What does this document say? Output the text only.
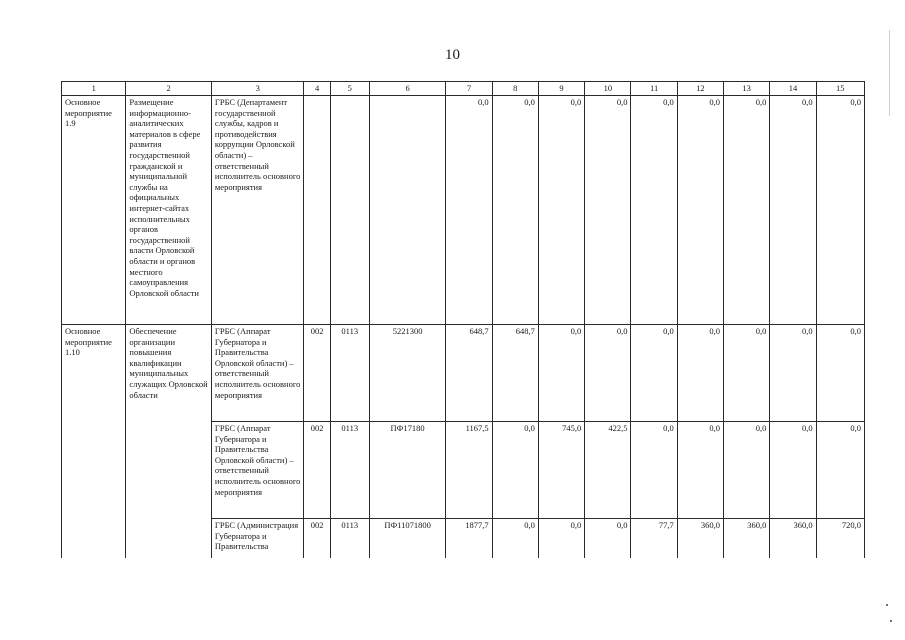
10
1	2	3	4	5	6	7	8	9	10	11	12	13	14	15
Основное мероприятие 1.9	Размещение информационно-аналитических материалов в сфере развития государственной гражданской и муниципальной службы на официальных интернет-сайтах исполнительных органов государственной власти Орловской области и органов местного самоуправления Орловской области	ГРБС (Департамент государственной службы, кадров и противодействия коррупции Орловской области) – ответственный исполнитель основного мероприятия				0,0	0,0	0,0	0,0	0,0	0,0	0,0	0,0	0,0
Основное мероприятие 1.10	Обеспечение организации повышения квалификации муниципальных служащих Орловской области	ГРБС (Аппарат Губернатора и Правительства Орловской области) – ответственный исполнитель основного мероприятия	002	0113	5221300	648,7	648,7	0,0	0,0	0,0	0,0	0,0	0,0	0,0
		ГРБС (Аппарат Губернатора и Правительства Орловской области) – ответственный исполнитель основного мероприятия	002	0113	ПФ17180	1167,5	0,0	745,0	422,5	0,0	0,0	0,0	0,0	0,0
		ГРБС (Администрация Губернатора и Правительства	002	0113	ПФ11071800	1877,7	0,0	0,0	0,0	77,7	360,0	360,0	360,0	720,0
